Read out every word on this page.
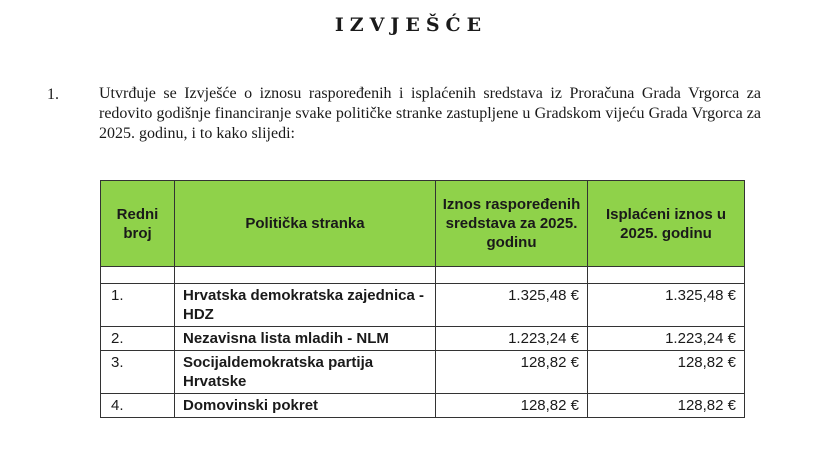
IZVJEŠĆE
1.	Utvrđuje se Izvješće o iznosu raspoređenih i isplaćenih sredstava iz Proračuna Grada Vrgorca za redovito godišnje financiranje svake političke stranke zastupljene u Gradskom vijeću Grada Vrgorca za 2025. godinu, i to kako slijedi:
Redni broj	Politička stranka	Iznos raspoređenih sredstava za 2025. godinu	Isplaćeni iznos u 2025. godinu

1.	Hrvatska demokratska zajednica - HDZ	1.325,48 €	1.325,48 €
2.	Nezavisna lista mladih - NLM	1.223,24 €	1.223,24 €
3.	Socijaldemokratska partija Hrvatske	128,82 €	128,82 €
4.	Domovinski pokret	128,82 €	128,82 €
